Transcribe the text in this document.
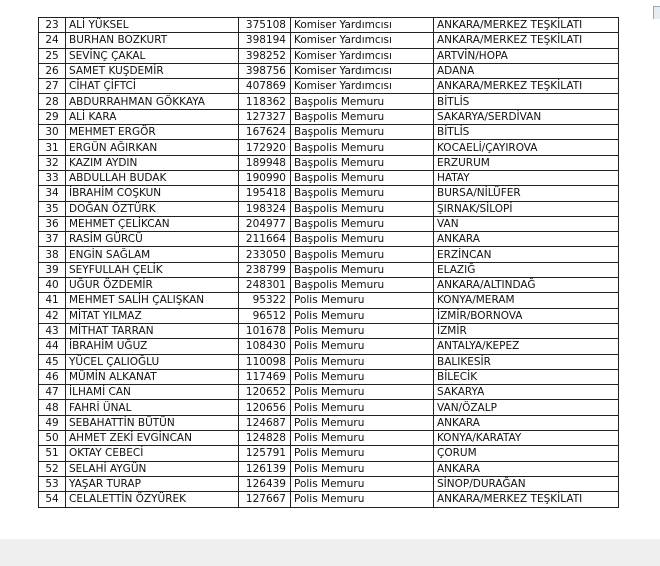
23	ALİ YÜKSEL	375108	Komiser Yardımcısı	ANKARA/MERKEZ TEŞKİLATI
24	BURHAN BOZKURT	398194	Komiser Yardımcısı	ANKARA/MERKEZ TEŞKİLATI
25	SEVİNÇ ÇAKAL	398252	Komiser Yardımcısı	ARTVİN/HOPA
26	SAMET KUŞDEMİR	398756	Komiser Yardımcısı	ADANA
27	CİHAT ÇİFTCİ	407869	Komiser Yardımcısı	ANKARA/MERKEZ TEŞKİLATI
28	ABDURRAHMAN GÖKKAYA	118362	Başpolis Memuru	BİTLİS
29	ALİ KARA	127327	Başpolis Memuru	SAKARYA/SERDİVAN
30	MEHMET ERGÖR	167624	Başpolis Memuru	BİTLİS
31	ERGÜN AĞIRKAN	172920	Başpolis Memuru	KOCAELİ/ÇAYIROVA
32	KAZIM AYDIN	189948	Başpolis Memuru	ERZURUM
33	ABDULLAH BUDAK	190990	Başpolis Memuru	HATAY
34	İBRAHİM COŞKUN	195418	Başpolis Memuru	BURSA/NİLÜFER
35	DOĞAN ÖZTÜRK	198324	Başpolis Memuru	ŞIRNAK/SİLOPİ
36	MEHMET ÇELİKCAN	204977	Başpolis Memuru	VAN
37	RASİM GÜRCÜ	211664	Başpolis Memuru	ANKARA
38	ENGİN SAĞLAM	233050	Başpolis Memuru	ERZİNCAN
39	SEYFULLAH ÇELİK	238799	Başpolis Memuru	ELAZIĞ
40	UĞUR ÖZDEMİR	248301	Başpolis Memuru	ANKARA/ALTINDAĞ
41	MEHMET SALİH ÇALIŞKAN	95322	Polis Memuru	KONYA/MERAM
42	MİTAT YILMAZ	96512	Polis Memuru	İZMİR/BORNOVA
43	MİTHAT TARRAN	101678	Polis Memuru	İZMİR
44	İBRAHİM UĞUZ	108430	Polis Memuru	ANTALYA/KEPEZ
45	YÜCEL ÇALIOĞLU	110098	Polis Memuru	BALIKESİR
46	MÜMİN ALKANAT	117469	Polis Memuru	BİLECİK
47	İLHAMİ CAN	120652	Polis Memuru	SAKARYA
48	FAHRİ ÜNAL	120656	Polis Memuru	VAN/ÖZALP
49	SEBAHATTİN BÜTÜN	124687	Polis Memuru	ANKARA
50	AHMET ZEKİ EVGİNCAN	124828	Polis Memuru	KONYA/KARATAY
51	OKTAY CEBECİ	125791	Polis Memuru	ÇORUM
52	SELAHİ AYGÜN	126139	Polis Memuru	ANKARA
53	YAŞAR TURAP	126439	Polis Memuru	SİNOP/DURAĞAN
54	CELALETTİN ÖZYÜREK	127667	Polis Memuru	ANKARA/MERKEZ TEŞKİLATI
